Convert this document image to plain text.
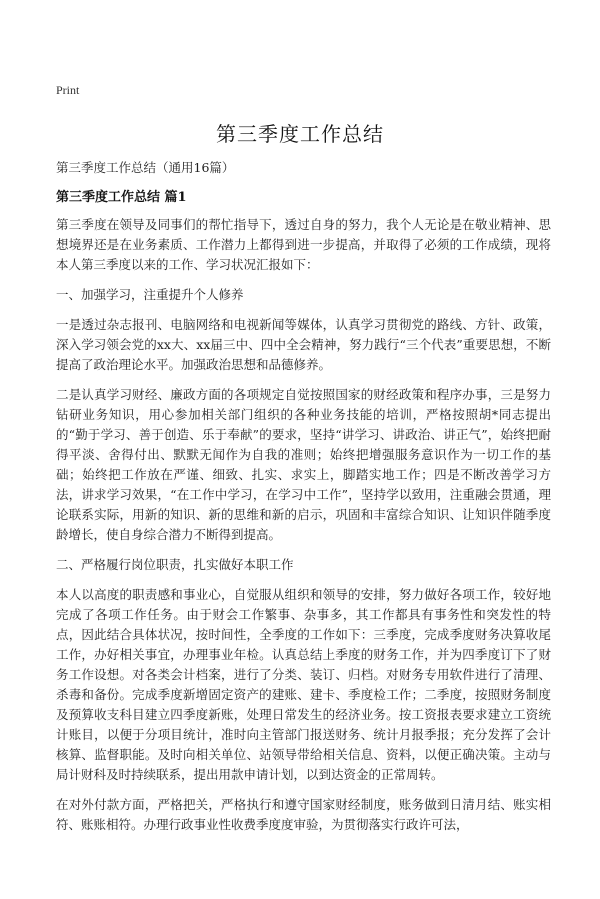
Print
第三季度工作总结
第三季度工作总结（通用16篇）
第三季度工作总结 篇1

第三季度在领导及同事们的帮忙指导下，透过自身的努力，我个人无论是在敬业精神、思想境界还是在业务素质、工作潜力上都得到进一步提高，并取得了必须的工作成绩，现将本人第三季度以来的工作、学习状况汇报如下：

一、加强学习，注重提升个人修养

一是透过杂志报刊、电脑网络和电视新闻等媒体，认真学习贯彻党的路线、方针、政策，深入学习领会党的xx大、xx届三中、四中全会精神，努力践行“三个代表”重要思想，不断提高了政治理论水平。加强政治思想和品德修养。

二是认真学习财经、廉政方面的各项规定自觉按照国家的财经政策和程序办事，三是努力钻研业务知识，用心参加相关部门组织的各种业务技能的培训，严格按照胡*同志提出的“勤于学习、善于创造、乐于奉献”的要求，坚持“讲学习、讲政治、讲正气”，始终把耐得平淡、舍得付出、默默无闻作为自我的准则；始终把增强服务意识作为一切工作的基础；始终把工作放在严谨、细致、扎实、求实上，脚踏实地工作；四是不断改善学习方法，讲求学习效果，“在工作中学习，在学习中工作”，坚持学以致用，注重融会贯通，理论联系实际，用新的知识、新的思维和新的启示，巩固和丰富综合知识、让知识伴随季度龄增长，使自身综合潜力不断得到提高。

二、严格履行岗位职责，扎实做好本职工作

本人以高度的职责感和事业心，自觉服从组织和领导的安排，努力做好各项工作，较好地完成了各项工作任务。由于财会工作繁事、杂事多，其工作都具有事务性和突发性的特点，因此结合具体状况，按时间性，全季度的工作如下：三季度，完成季度财务决算收尾工作，办好相关事宜，办理事业年检。认真总结上季度的财务工作，并为四季度订下了财务工作设想。对各类会计档案，进行了分类、装订、归档。对财务专用软件进行了清理、杀毒和备份。完成季度新增固定资产的建账、建卡、季度检工作；二季度，按照财务制度及预算收支科目建立四季度新账，处理日常发生的经济业务。按工资报表要求建立工资统计账目，以便于分项目统计，准时向主管部门报送财务、统计月报季报；充分发挥了会计核算、监督职能。及时向相关单位、站领导带给相关信息、资料，以便正确决策。主动与局计财科及时持续联系，提出用款申请计划，以到达资金的正常周转。

在对外付款方面，严格把关，严格执行和遵守国家财经制度，账务做到日清月结、账实相符、账账相符。办理行政事业性收费季度度审验，为贯彻落实行政许可法，
